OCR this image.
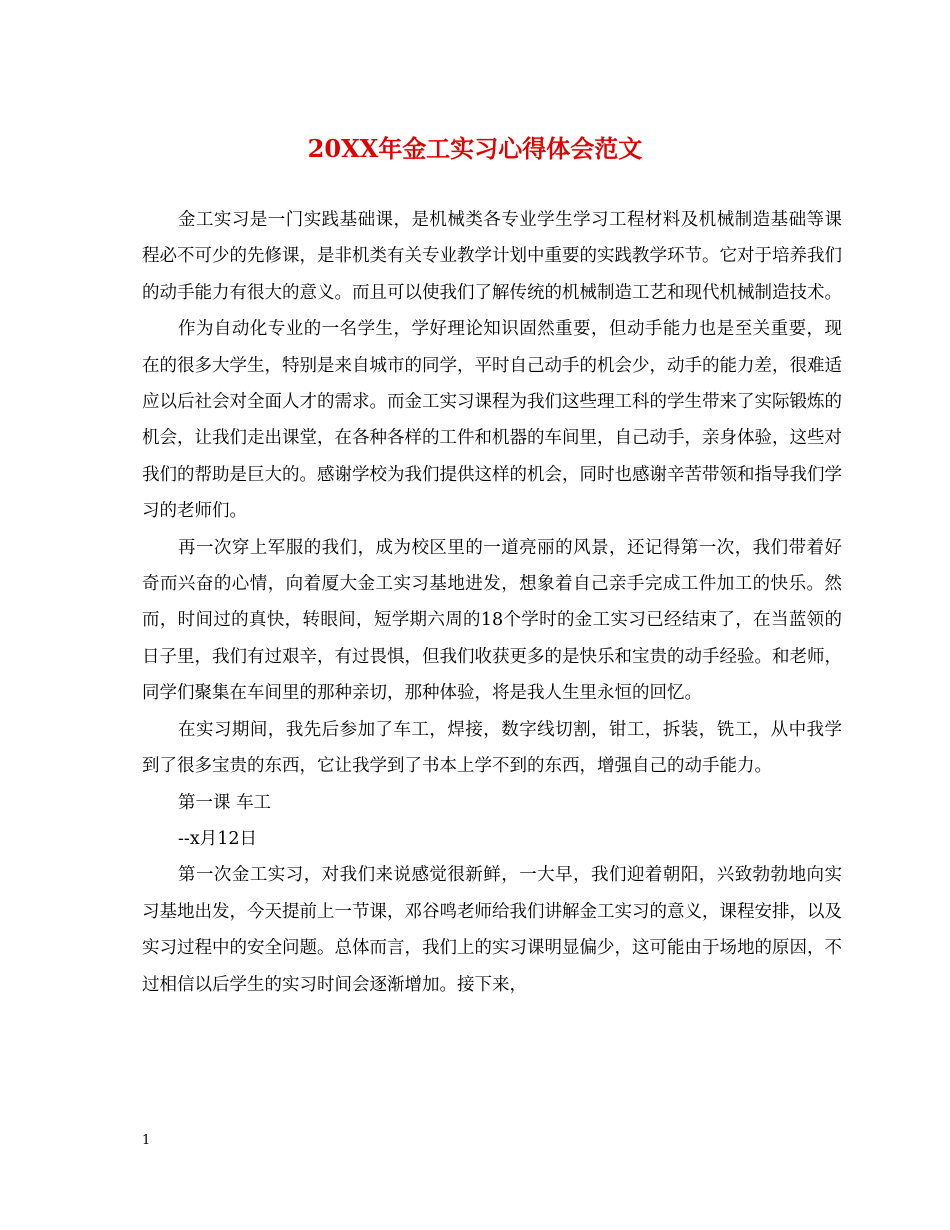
20XX年金工实习心得体会范文

金工实习是一门实践基础课，是机械类各专业学生学习工程材料及机械制造基础等课程必不可少的先修课，是非机类有关专业教学计划中重要的实践教学环节。它对于培养我们的动手能力有很大的意义。而且可以使我们了解传统的机械制造工艺和现代机械制造技术。

作为自动化专业的一名学生，学好理论知识固然重要，但动手能力也是至关重要，现在的很多大学生，特别是来自城市的同学，平时自己动手的机会少，动手的能力差，很难适应以后社会对全面人才的需求。而金工实习课程为我们这些理工科的学生带来了实际锻炼的机会，让我们走出课堂，在各种各样的工件和机器的车间里，自己动手，亲身体验，这些对我们的帮助是巨大的。感谢学校为我们提供这样的机会，同时也感谢辛苦带领和指导我们学习的老师们。

再一次穿上军服的我们，成为校区里的一道亮丽的风景，还记得第一次，我们带着好奇而兴奋的心情，向着厦大金工实习基地进发，想象着自己亲手完成工件加工的快乐。然而，时间过的真快，转眼间，短学期六周的18个学时的金工实习已经结束了，在当蓝领的日子里，我们有过艰辛，有过畏惧，但我们收获更多的是快乐和宝贵的动手经验。和老师，同学们聚集在车间里的那种亲切，那种体验，将是我人生里永恒的回忆。

在实习期间，我先后参加了车工，焊接，数字线切割，钳工，拆装，铣工，从中我学到了很多宝贵的东西，它让我学到了书本上学不到的东西，增强自己的动手能力。

第一课 车工

--x月12日

第一次金工实习，对我们来说感觉很新鲜，一大早，我们迎着朝阳，兴致勃勃地向实习基地出发，今天提前上一节课，邓谷鸣老师给我们讲解金工实习的意义，课程安排，以及实习过程中的安全问题。总体而言，我们上的实习课明显偏少，这可能由于场地的原因，不过相信以后学生的实习时间会逐渐增加。接下来，

1
